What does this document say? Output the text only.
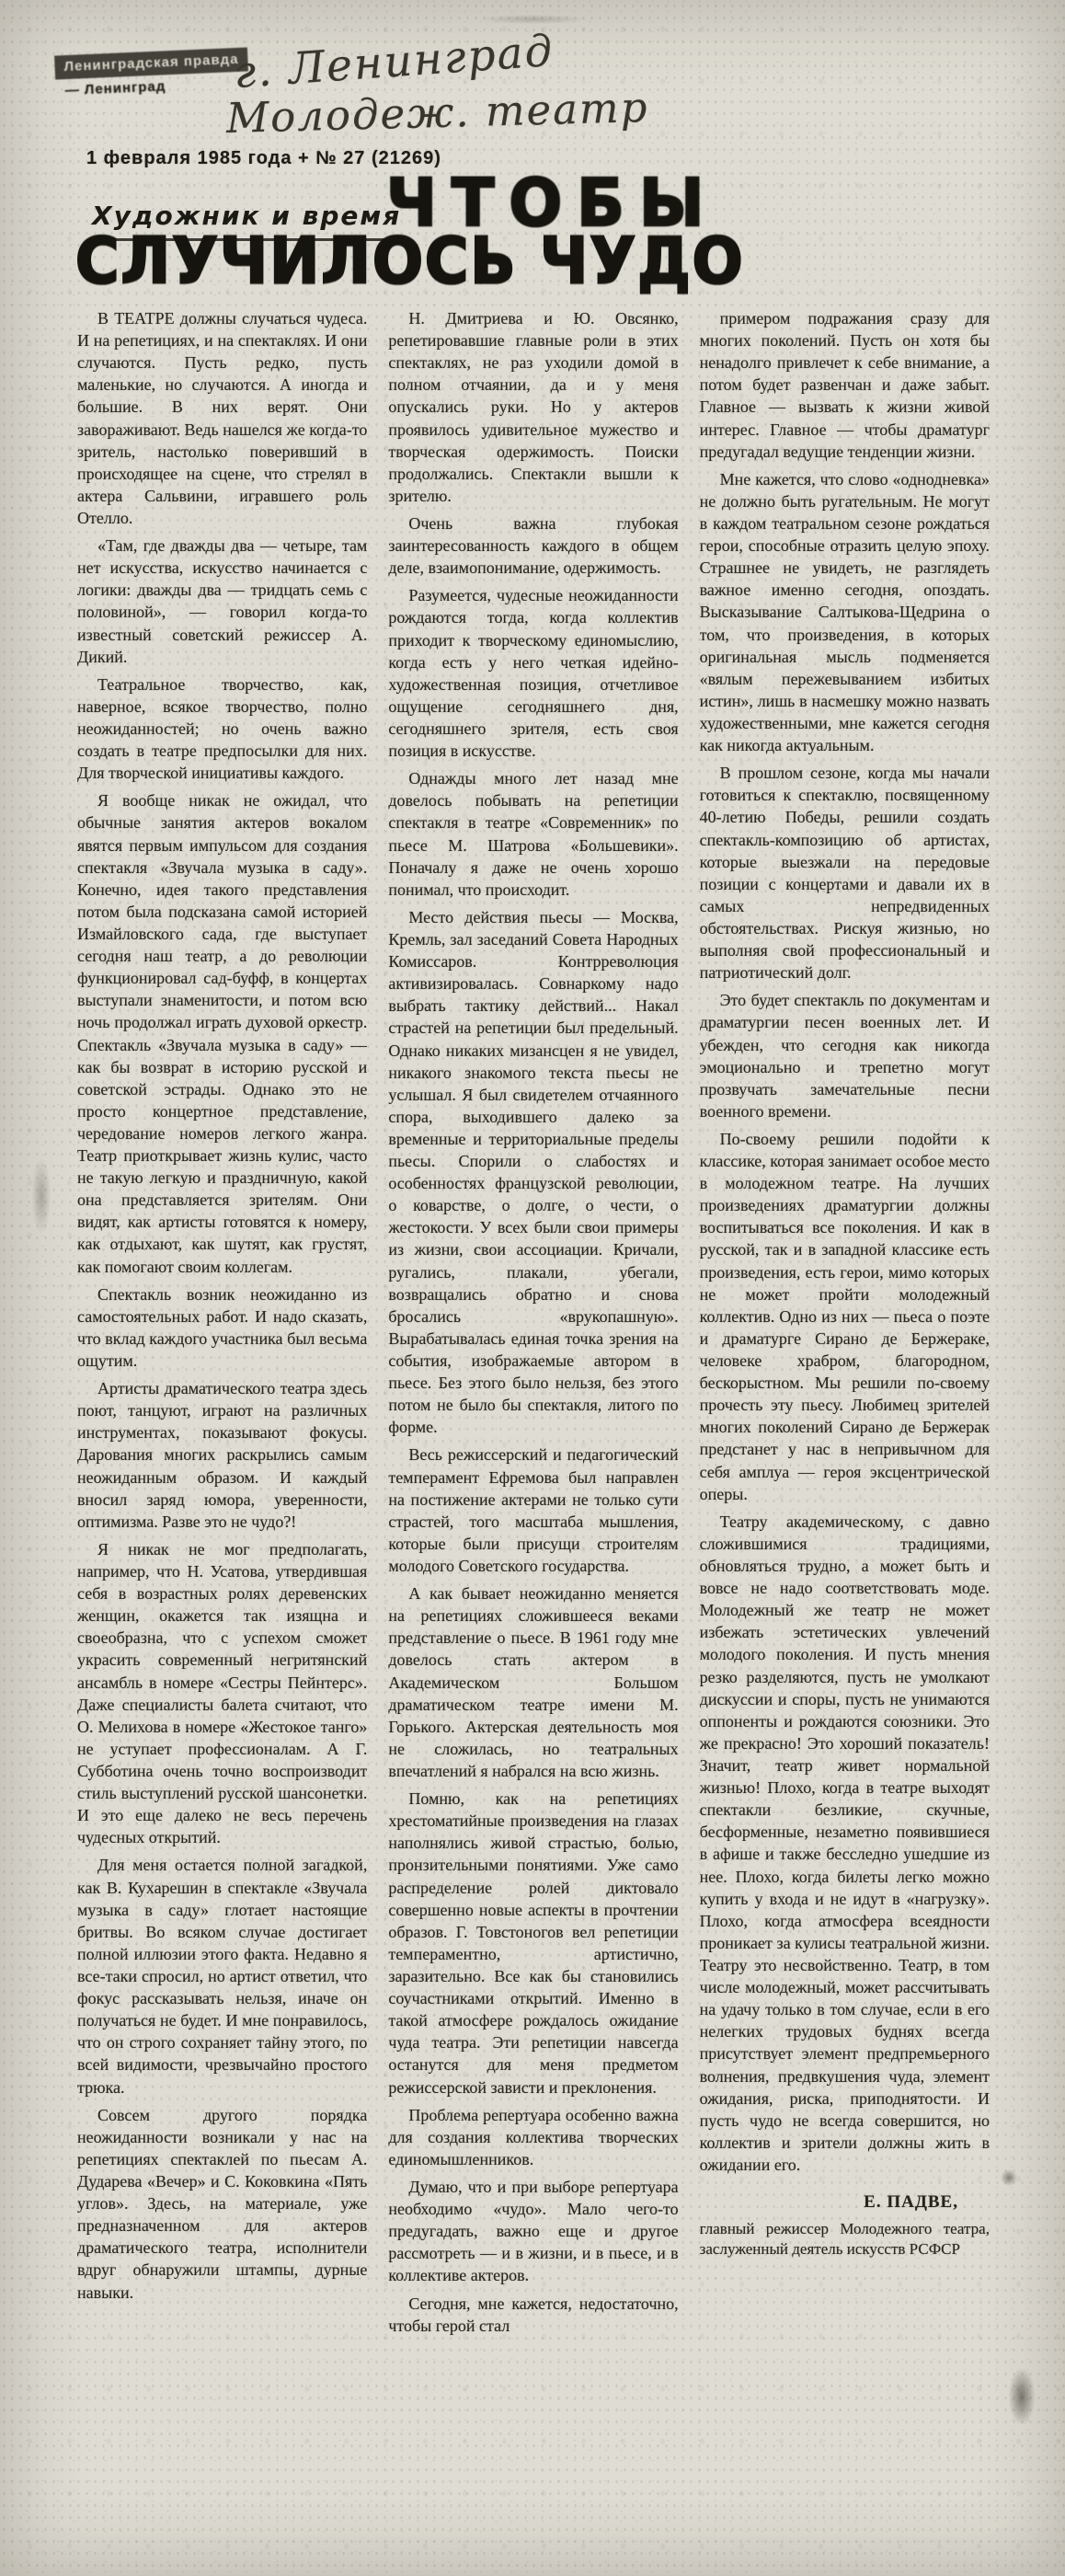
Ленинградская правда
— Ленинград	г. Ленинград
Молодеж. театр
1 февраля 1985 года + № 27 (21269)
Художник и время
ЧТОБЫ
СЛУЧИЛОСЬ ЧУДО

В ТЕАТРЕ должны случаться чудеса. И на репетициях, и на спектаклях. И они случаются. Пусть редко, пусть маленькие, но случаются. А иногда и большие. В них верят. Они завораживают. Ведь нашелся же когда-то зритель, настолько поверивший в происходящее на сцене, что стрелял в актера Сальвини, игравшего роль Отелло.

«Там, где дважды два — четыре, там нет искусства, искусство начинается с логики: дважды два — тридцать семь с половиной», — говорил когда-то известный советский режиссер А. Дикий.

Театральное творчество, как, наверное, всякое творчество, полно неожиданностей; но очень важно создать в театре предпосылки для них. Для творческой инициативы каждого.

Я вообще никак не ожидал, что обычные занятия актеров вокалом явятся первым импульсом для создания спектакля «Звучала музыка в саду». Конечно, идея такого представления потом была подсказана самой историей Измайловского сада, где выступает сегодня наш театр, а до революции функционировал сад-буфф, в концертах выступали знаменитости, и потом всю ночь продолжал играть духовой оркестр. Спектакль «Звучала музыка в саду» — как бы возврат в историю русской и советской эстрады. Однако это не просто концертное представление, чередование номеров легкого жанра. Театр приоткрывает жизнь кулис, часто не такую легкую и праздничную, какой она представляется зрителям. Они видят, как артисты готовятся к номеру, как отдыхают, как шутят, как грустят, как помогают своим коллегам.

Спектакль возник неожиданно из самостоятельных работ. И надо сказать, что вклад каждого участника был весьма ощутим.

Артисты драматического театра здесь поют, танцуют, играют на различных инструментах, показывают фокусы. Дарования многих раскрылись самым неожиданным образом. И каждый вносил заряд юмора, уверенности, оптимизма. Разве это не чудо?!

Я никак не мог предполагать, например, что Н. Усатова, утвердившая себя в возрастных ролях деревенских женщин, окажется так изящна и своеобразна, что с успехом сможет украсить современный негритянский ансамбль в номере «Сестры Пейнтерс». Даже специалисты балета считают, что О. Мелихова в номере «Жестокое танго» не уступает профессионалам. А Г. Субботина очень точно воспроизводит стиль выступлений русской шансонетки. И это еще далеко не весь перечень чудесных открытий.

Для меня остается полной загадкой, как В. Кухарешин в спектакле «Звучала музыка в саду» глотает настоящие бритвы. Во всяком случае достигает полной иллюзии этого факта. Недавно я все-таки спросил, но артист ответил, что фокус рассказывать нельзя, иначе он получаться не будет. И мне понравилось, что он строго сохраняет тайну этого, по всей видимости, чрезвычайно простого трюка.

Совсем другого порядка неожиданности возникали у нас на репетициях спектаклей по пьесам А. Дударева «Вечер» и С. Коковкина «Пять углов». Здесь, на материале, уже предназначенном для актеров драматического театра, исполнители вдруг обнаружили штампы, дурные навыки.

Н. Дмитриева и Ю. Овсянко, репетировавшие главные роли в этих спектаклях, не раз уходили домой в полном отчаянии, да и у меня опускались руки. Но у актеров проявилось удивительное мужество и творческая одержимость. Поиски продолжались. Спектакли вышли к зрителю.

Очень важна глубокая заинтересованность каждого в общем деле, взаимопонимание, одержимость.

Разумеется, чудесные неожиданности рождаются тогда, когда коллектив приходит к творческому единомыслию, когда есть у него четкая идейно-художественная позиция, отчетливое ощущение сегодняшнего дня, сегодняшнего зрителя, есть своя позиция в искусстве.

Однажды много лет назад мне довелось побывать на репетиции спектакля в театре «Современник» по пьесе М. Шатрова «Большевики». Поначалу я даже не очень хорошо понимал, что происходит.

Место действия пьесы — Москва, Кремль, зал заседаний Совета Народных Комиссаров. Контрреволюция активизировалась. Совнаркому надо выбрать тактику действий... Накал страстей на репетиции был предельный. Однако никаких мизансцен я не увидел, никакого знакомого текста пьесы не услышал. Я был свидетелем отчаянного спора, выходившего далеко за временные и территориальные пределы пьесы. Спорили о слабостях и особенностях французской революции, о коварстве, о долге, о чести, о жестокости. У всех были свои примеры из жизни, свои ассоциации. Кричали, ругались, плакали, убегали, возвращались обратно и снова бросались «врукопашную». Вырабатывалась единая точка зрения на события, изображаемые автором в пьесе. Без этого было нельзя, без этого потом не было бы спектакля, литого по форме.

Весь режиссерский и педагогический темперамент Ефремова был направлен на постижение актерами не только сути страстей, того масштаба мышления, которые были присущи строителям молодого Советского государства.

А как бывает неожиданно меняется на репетициях сложившееся веками представление о пьесе. В 1961 году мне довелось стать актером в Академическом Большом драматическом театре имени М. Горького. Актерская деятельность моя не сложилась, но театральных впечатлений я набрался на всю жизнь.

Помню, как на репетициях хрестоматийные произведения на глазах наполнялись живой страстью, болью, пронзительными понятиями. Уже само распределение ролей диктовало совершенно новые аспекты в прочтении образов. Г. Товстоногов вел репетиции темпераментно, артистично, заразительно. Все как бы становились соучастниками открытий. Именно в такой атмосфере рождалось ожидание чуда театра. Эти репетиции навсегда останутся для меня предметом режиссерской зависти и преклонения.

Проблема репертуара особенно важна для создания коллектива творческих единомышленников.

Думаю, что и при выборе репертуара необходимо «чудо». Мало чего-то предугадать, важно еще и другое рассмотреть — и в жизни, и в пьесе, и в коллективе актеров.

Сегодня, мне кажется, недостаточно, чтобы герой стал

примером подражания сразу для многих поколений. Пусть он хотя бы ненадолго привлечет к себе внимание, а потом будет развенчан и даже забыт. Главное — вызвать к жизни живой интерес. Главное — чтобы драматург предугадал ведущие тенденции жизни.

Мне кажется, что слово «однодневка» не должно быть ругательным. Не могут в каждом театральном сезоне рождаться герои, способные отразить целую эпоху. Страшнее не увидеть, не разглядеть важное именно сегодня, опоздать. Высказывание Салтыкова-Щедрина о том, что произведения, в которых оригинальная мысль подменяется «вялым пережевыванием избитых истин», лишь в насмешку можно назвать художественными, мне кажется сегодня как никогда актуальным.

В прошлом сезоне, когда мы начали готовиться к спектаклю, посвященному 40-летию Победы, решили создать спектакль-композицию об артистах, которые выезжали на передовые позиции с концертами и давали их в самых непредвиденных обстоятельствах. Рискуя жизнью, но выполняя свой профессиональный и патриотический долг.

Это будет спектакль по документам и драматургии песен военных лет. И убежден, что сегодня как никогда эмоционально и трепетно могут прозвучать замечательные песни военного времени.

По-своему решили подойти к классике, которая занимает особое место в молодежном театре. На лучших произведениях драматургии должны воспитываться все поколения. И как в русской, так и в западной классике есть произведения, есть герои, мимо которых не может пройти молодежный коллектив. Одно из них — пьеса о поэте и драматурге Сирано де Бержераке, человеке храбром, благородном, бескорыстном. Мы решили по-своему прочесть эту пьесу. Любимец зрителей многих поколений Сирано де Бержерак предстанет у нас в непривычном для себя амплуа — героя эксцентрической оперы.

Театру академическому, с давно сложившимися традициями, обновляться трудно, а может быть и вовсе не надо соответствовать моде. Молодежный же театр не может избежать эстетических увлечений молодого поколения. И пусть мнения резко разделяются, пусть не умолкают дискуссии и споры, пусть не унимаются оппоненты и рождаются союзники. Это же прекрасно! Это хороший показатель! Значит, театр живет нормальной жизнью! Плохо, когда в театре выходят спектакли безликие, скучные, бесформенные, незаметно появившиеся в афише и также бесследно ушедшие из нее. Плохо, когда билеты легко можно купить у входа и не идут в «нагрузку». Плохо, когда атмосфера всеядности проникает за кулисы театральной жизни. Театру это несвойственно. Театр, в том числе молодежный, может рассчитывать на удачу только в том случае, если в его нелегких трудовых буднях всегда присутствует элемент предпремьерного волнения, предвкушения чуда, элемент ожидания, риска, приподнятости. И пусть чудо не всегда совершится, но коллектив и зрители должны жить в ожидании его.

Е. ПАДВЕ,
главный режиссер Молодежного театра, заслуженный деятель искусств РСФСР
